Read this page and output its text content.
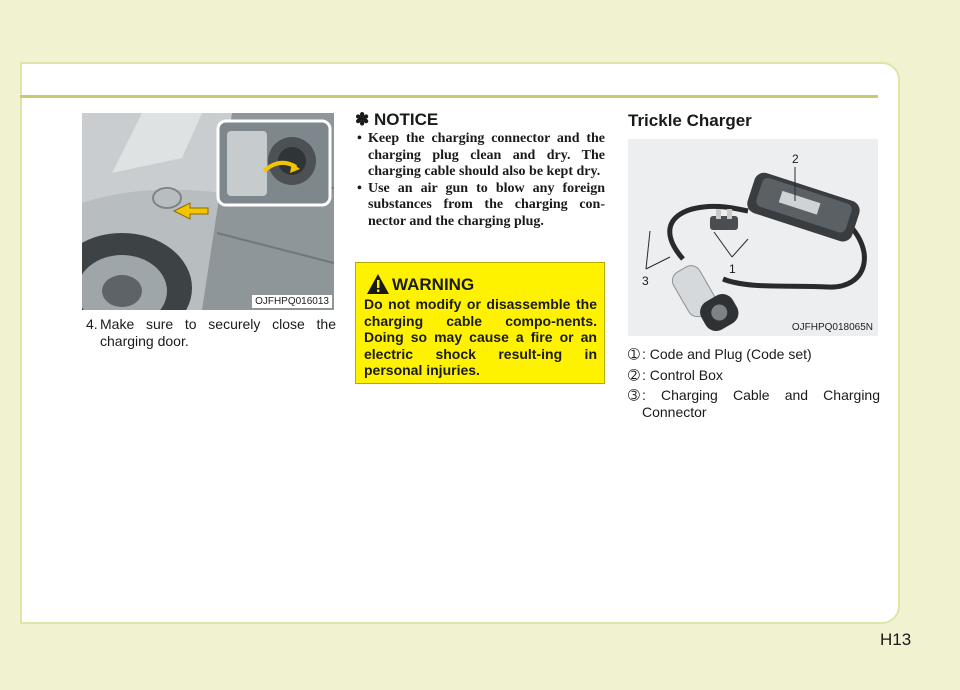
OJFHPQ016013
4. Make sure to securely close the charging door.
✽ NOTICE
• Keep the charging connector and the charging plug clean and dry. The charging cable should also be kept dry.
• Use an air gun to blow any foreign substances from the charging con-nector and the charging plug.
WARNING
Do not modify or disassemble the charging cable compo-nents. Doing so may cause a fire or an electric shock result-ing in personal injuries.
Trickle Charger
2
1
3
OJFHPQ018065N
➀ : Code and Plug (Code set)
➁ : Control Box
➂ : Charging Cable and Charging Connector
H13
